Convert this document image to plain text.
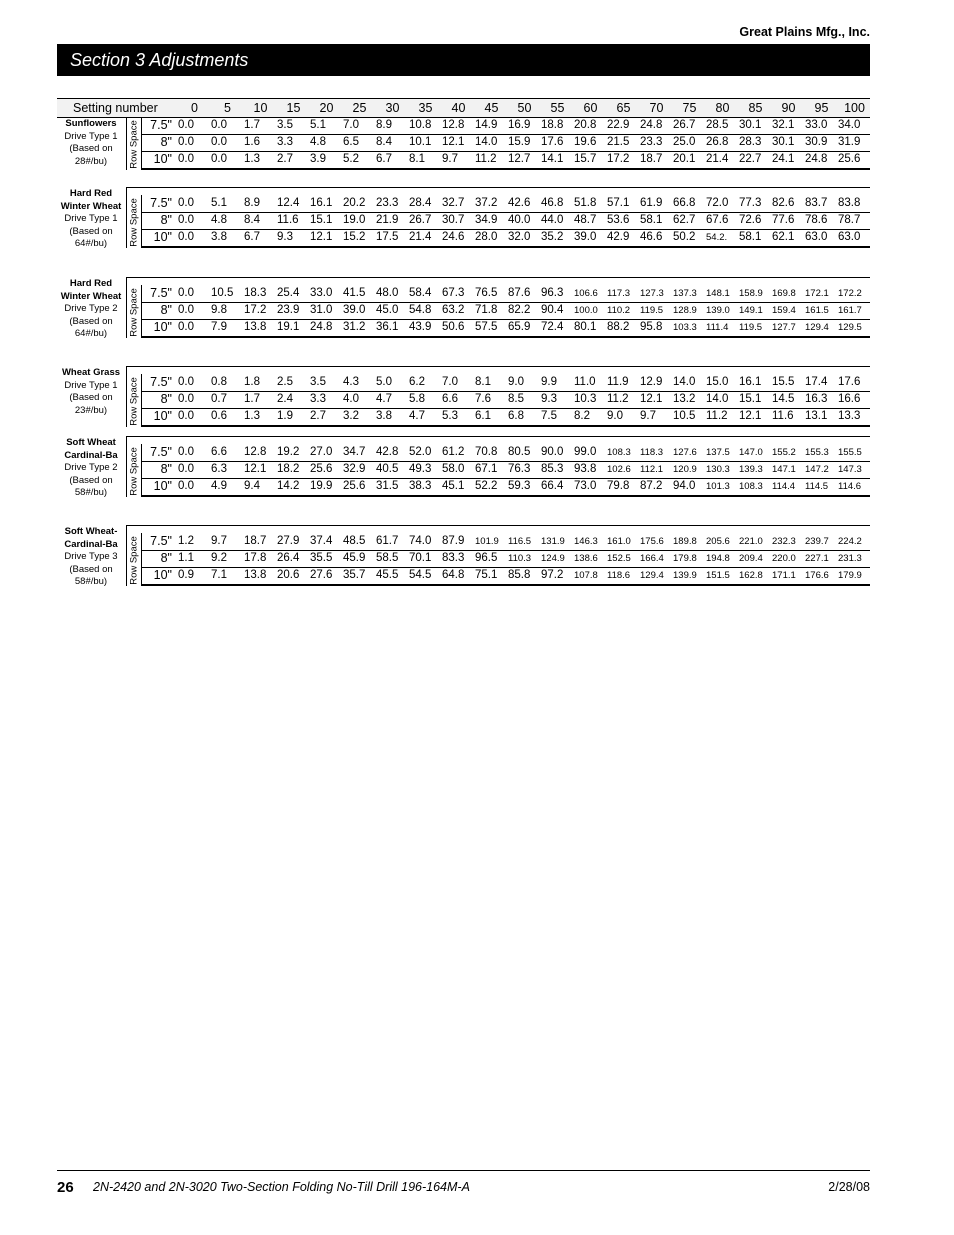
Great Plains Mfg., Inc.
Section 3 Adjustments
Setting number	0	5	10	15	20	25	30	35	40	45	50	55	60	65	70	75	80	85	90	95	100
26 2N-2420 and 2N-3020 Two-Section Folding No-Till Drill 196-164M-A	2/28/08
Sunflowers
Drive Type 1
(Based on
28#/bu)	Row Space 7.5" 0.0 0.0 1.7 3.5 5.1 7.0 8.9 10.8 12.8 14.9 16.9 18.8 20.8 22.9 24.8 26.7 28.5 30.1 32.1 33.0 34.0
8" 0.0 0.0 1.6 3.3 4.8 6.5 8.4 10.1 12.1 14.0 15.9 17.6 19.6 21.5 23.3 25.0 26.8 28.3 30.1 30.9 31.9
10" 0.0 0.0 1.3 2.7 3.9 5.2 6.7 8.1 9.7 11.2 12.7 14.1 15.7 17.2 18.7 20.1 21.4 22.7 24.1 24.8 25.6
Hard Red
Winter Wheat
Drive Type 1
(Based on
64#/bu)	Row Space 7.5" 0.0 5.1 8.9 12.4 16.1 20.2 23.3 28.4 32.7 37.2 42.6 46.8 51.8 57.1 61.9 66.8 72.0 77.3 82.6 83.7 83.8
8" 0.0 4.8 8.4 11.6 15.1 19.0 21.9 26.7 30.7 34.9 40.0 44.0 48.7 53.6 58.1 62.7 67.6 72.6 77.6 78.6 78.7
10" 0.0 3.8 6.7 9.3 12.1 15.2 17.5 21.4 24.6 28.0 32.0 35.2 39.0 42.9 46.6 50.2 54.2. 58.1 62.1 63.0 63.0
Hard Red
Winter Wheat
Drive Type 2
(Based on
64#/bu)	Row Space 7.5" 0.0 10.5 18.3 25.4 33.0 41.5 48.0 58.4 67.3 76.5 87.6 96.3 106.6 117.3 127.3 137.3 148.1 158.9 169.8 172.1 172.2
8" 0.0 9.8 17.2 23.9 31.0 39.0 45.0 54.8 63.2 71.8 82.2 90.4 100.0 110.2 119.5 128.9 139.0 149.1 159.4 161.5 161.7
10" 0.0 7.9 13.8 19.1 24.8 31.2 36.1 43.9 50.6 57.5 65.9 72.4 80.1 88.2 95.8 103.3 111.4 119.5 127.7 129.4 129.5
Wheat Grass
Drive Type 1
(Based on
23#/bu)	Row Space 7.5" 0.0 0.8 1.8 2.5 3.5 4.3 5.0 6.2 7.0 8.1 9.0 9.9 11.0 11.9 12.9 14.0 15.0 16.1 15.5 17.4 17.6
8" 0.0 0.7 1.7 2.4 3.3 4.0 4.7 5.8 6.6 7.6 8.5 9.3 10.3 11.2 12.1 13.2 14.0 15.1 14.5 16.3 16.6
10" 0.0 0.6 1.3 1.9 2.7 3.2 3.8 4.7 5.3 6.1 6.8 7.5 8.2 9.0 9.7 10.5 11.2 12.1 11.6 13.1 13.3
Soft Wheat
Cardinal-Ba
Drive Type 2
(Based on
58#/bu)	Row Space 7.5" 0.0 6.6 12.8 19.2 27.0 34.7 42.8 52.0 61.2 70.8 80.5 90.0 99.0 108.3 118.3 127.6 137.5 147.0 155.2 155.3 155.5
8" 0.0 6.3 12.1 18.2 25.6 32.9 40.5 49.3 58.0 67.1 76.3 85.3 93.8 102.6 112.1 120.9 130.3 139.3 147.1 147.2 147.3
10" 0.0 4.9 9.4 14.2 19.9 25.6 31.5 38.3 45.1 52.2 59.3 66.4 73.0 79.8 87.2 94.0 101.3 108.3 114.4 114.5 114.6
Soft Wheat-
Cardinal-Ba
Drive Type 3
(Based on
58#/bu)	Row Space 7.5" 1.2 9.7 18.7 27.9 37.4 48.5 61.7 74.0 87.9 101.9 116.5 131.9 146.3 161.0 175.6 189.8 205.6 221.0 232.3 239.7 224.2
8" 1.1 9.2 17.8 26.4 35.5 45.9 58.5 70.1 83.3 96.5 110.3 124.9 138.6 152.5 166.4 179.8 194.8 209.4 220.0 227.1 231.3
10" 0.9 7.1 13.8 20.6 27.6 35.7 45.5 54.5 64.8 75.1 85.8 97.2 107.8 118.6 129.4 139.9 151.5 162.8 171.1 176.6 179.9
